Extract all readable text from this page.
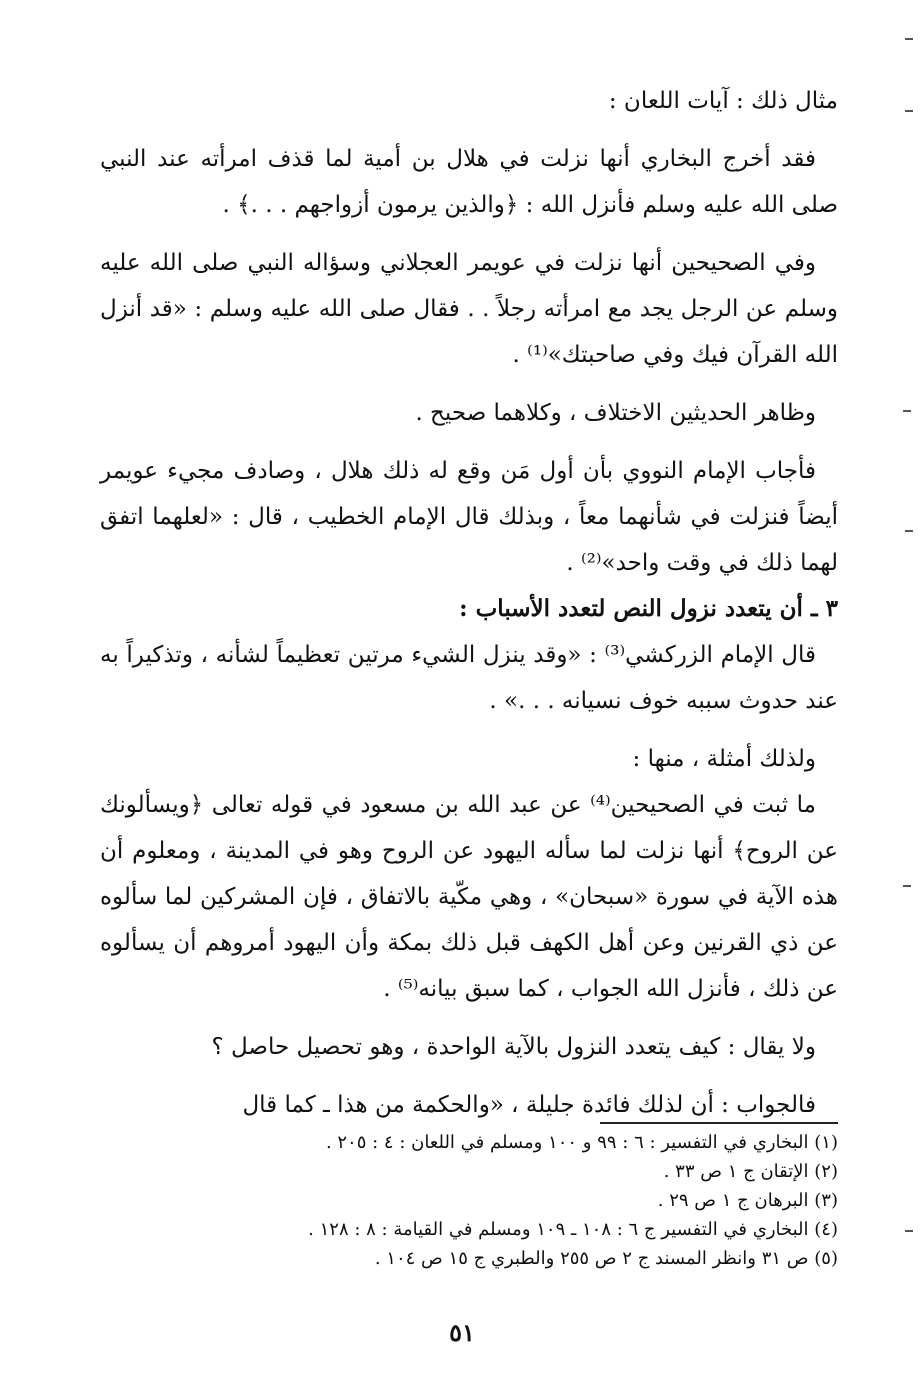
مثال ذلك : آيات اللعان :

فقد أخرج البخاري أنها نزلت في هلال بن أمية لما قذف امرأته عند النبي صلى الله عليه وسلم فأنزل الله : ﴿والذين يرمون أزواجهم . . .﴾ .

وفي الصحيحين أنها نزلت في عويمر العجلاني وسؤاله النبي صلى الله عليه وسلم عن الرجل يجد مع امرأته رجلاً . . فقال صلى الله عليه وسلم : «قد أنزل الله القرآن فيك وفي صاحبتك»⁽¹⁾ .

وظاهر الحديثين الاختلاف ، وكلاهما صحيح .

فأجاب الإمام النووي بأن أول مَن وقع له ذلك هلال ، وصادف مجيء عويمر أيضاً فنزلت في شأنهما معاً ، وبذلك قال الإمام الخطيب ، قال : «لعلهما اتفق لهما ذلك في وقت واحد»⁽²⁾ .

٣ ـ أن يتعدد نزول النص لتعدد الأسباب :

قال الإمام الزركشي⁽³⁾ : «وقد ينزل الشيء مرتين تعظيماً لشأنه ، وتذكيراً به عند حدوث سببه خوف نسيانه . . .» .

ولذلك أمثلة ، منها :

ما ثبت في الصحيحين⁽⁴⁾ عن عبد الله بن مسعود في قوله تعالى ﴿ويسألونك عن الروح﴾ أنها نزلت لما سأله اليهود عن الروح وهو في المدينة ، ومعلوم أن هذه الآية في سورة «سبحان» ، وهي مكّية بالاتفاق ، فإن المشركين لما سألوه عن ذي القرنين وعن أهل الكهف قبل ذلك بمكة وأن اليهود أمروهم أن يسألوه عن ذلك ، فأنزل الله الجواب ، كما سبق بيانه⁽⁵⁾ .

ولا يقال : كيف يتعدد النزول بالآية الواحدة ، وهو تحصيل حاصل ؟

فالجواب : أن لذلك فائدة جليلة ، «والحكمة من هذا ـ كما قال

(١) البخاري في التفسير : ٦ : ٩٩ و ١٠٠ ومسلم في اللعان : ٤ : ٢٠٥ .

(٢) الإتقان ج ١ ص ٣٣ .

(٣) البرهان ج ١ ص ٢٩ .

(٤) البخاري في التفسير ج ٦ : ١٠٨ ـ ١٠٩ ومسلم في القيامة : ٨ : ١٢٨ .

(٥) ص ٣١ وانظر المسند ج ٢ ص ٢٥٥ والطبري ج ١٥ ص ١٠٤ .

٥١
